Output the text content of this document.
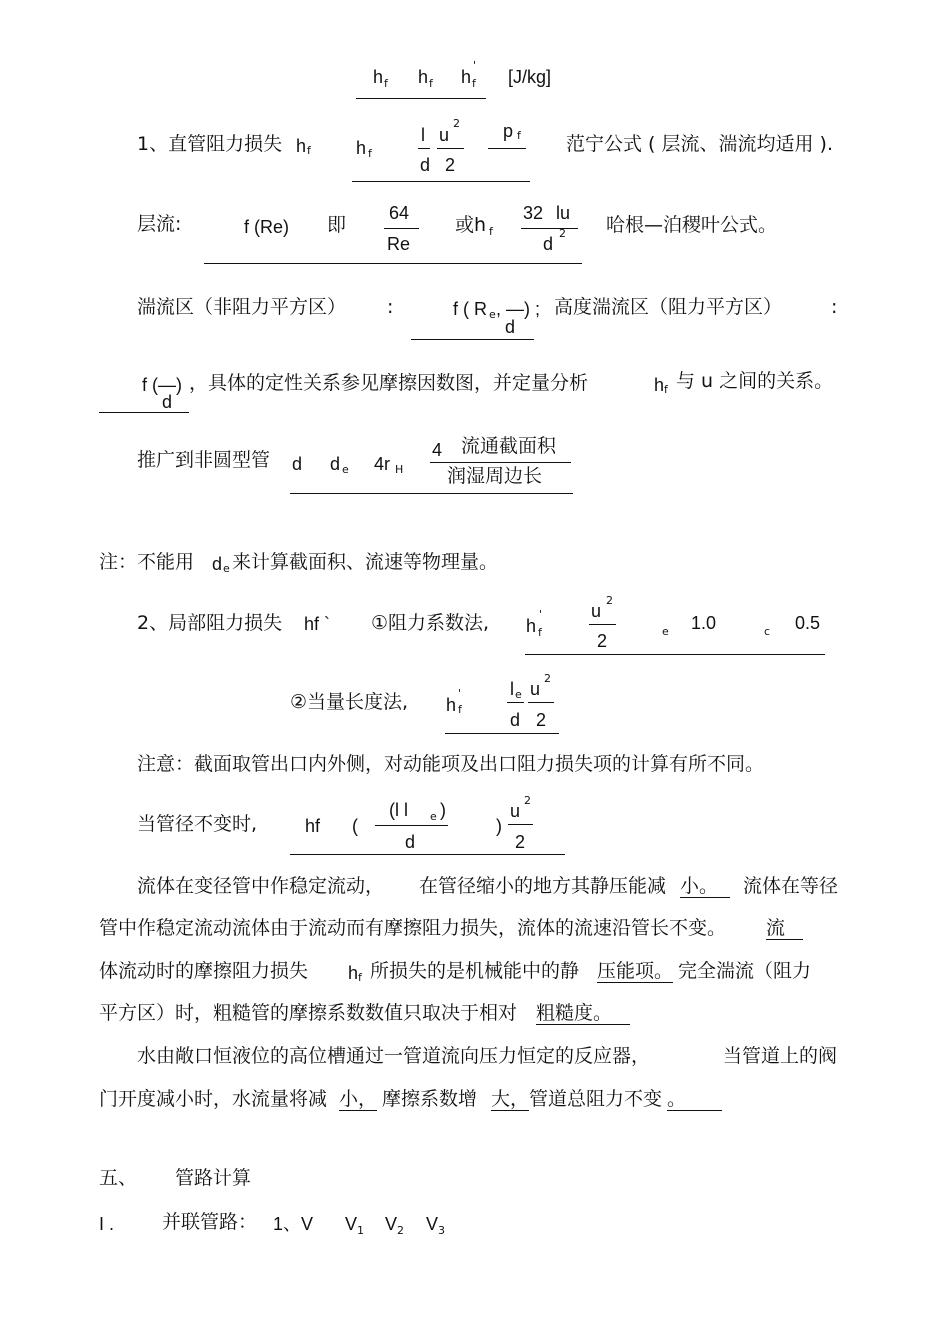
h f h f h
'
f [J/kg]
1、直管阻力损失 h f	h f
l u
2
d 2
p f 范宁公式 ( 层流、湍流均适用 ).
层流:	f (Re) 即
64
Re
或h f
32 lu
d
2 哈根—泊稷叶公式。
湍流区（非阻力平方区） :	f ( R e , —) ;
d
高度湍流区（阻力平方区）	:
f (—)
d
，具体的定性关系参见摩擦因数图，并定量分析	h f 与 u 之间的关系。
推广到非圆型管 d d e 4r H
4 流通截面积
润湿周边长
注：不能用 d e 来计算截面积、流速等物理量。
2、局部阻力损失 hf ` ①阻力系数法, h
'
f
u
2
2	e 1.0	c 0.5
②当量长度法, h
'
f
l e u
2
d 2
注意：截面取管出口内外侧，对动能项及出口阻力损失项的计算有所不同。
当管径不变时,	hf (
(l l e )
d
)
u
2
2
流体在变径管中作稳定流动， 在管径缩小的地方其静压能减 小。	流体在等径
管中作稳定流动流体由于流动而有摩擦阻力损失，流体的流速沿管长不变。 流
体流动时的摩擦阻力损失 h f 所损失的是机械能中的静 压能项。 完全湍流（阻力
平方区）时，粗糙管的摩擦系数数值只取决于相对 粗糙度。
水由敞口恒液位的高位槽通过一管道流向压力恒定的反应器，	当管道上的阀
门开度减小时，水流量将减 小， 摩擦系数增 大， 管道总阻力不变 。
五、 管路计算
I .	并联管路： 1、V V 1 V 2 V 3
